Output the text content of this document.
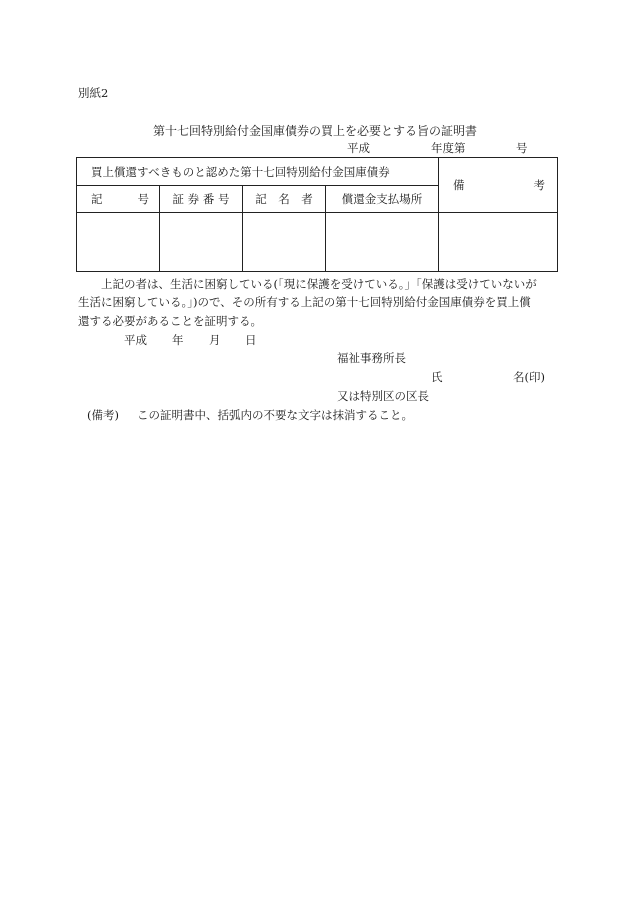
別紙2
第十七回特別給付金国庫債券の買上を必要とする旨の証明書
平成	年度第	号
買上償還すべきものと認めた第十七回特別給付金国庫債券				備 考

記 号	証 券 番 号	記　名　者	償還金支払場所	

上記の者は、生活に困窮している(「現に保護を受けている。」「保護は受けていないが
生活に困窮している。」)ので、その所有する上記の第十七回特別給付金国庫債券を買上償
還する必要があることを証明する。
平成 年 月 日
福祉事務所長
氏	名(印)
又は特別区の区長
(備考) この証明書中、括弧内の不要な文字は抹消すること。
